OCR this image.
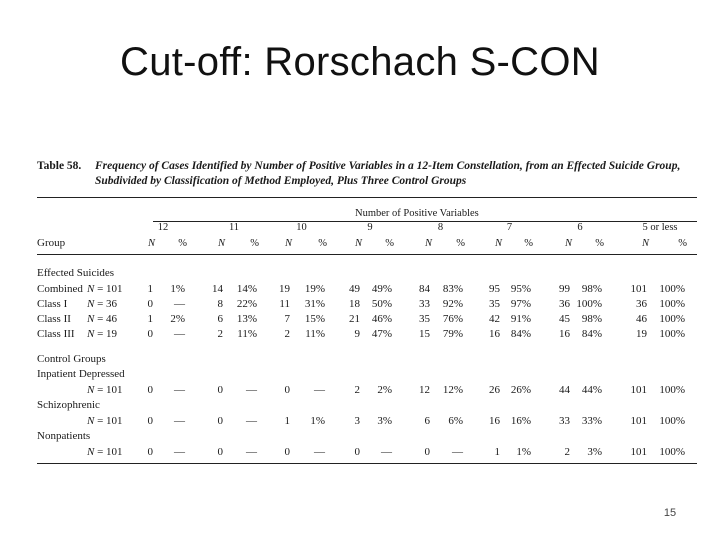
Cut-off: Rorschach S-CON
Table 58. Frequency of Cases Identified by Number of Positive Variables in a 12-Item Constellation, from an Effected Suicide Group, Subdivided by Classification of Method Employed, Plus Three Control Groups
Number of Positive Variables
Group
12
N	%
11
N	%
10
N	%
9
N	%
8
N	%
7
N	%
6
N	%
5 or less
N	%
Effected Suicides
Combined N = 101	1	1%	14	14%	19	19%	49	49%	84	83%	95 95%	99	98%	101	100%
Class I N = 36	0	—	8	22%	11	31%	18	50%	33	92%	35 97%	36 100%	36	100%
Class II N = 46	1	2%	6	13%	7	15%	21	46%	35	76%	42 91%	45	98%	46	100%
Class III N = 19	0	—	2	11%	2	11%	9	47%	15	79%	16 84%	16	84%	19	100%
Control Groups
Inpatient Depressed
N = 101	0	—	0	—	0	—	2	2%	12	12%	26 26%	44	44%	101	100%
Schizophrenic
N = 101	0	—	0	—	1	1%	3	3%	6	6%	16 16%	33	33%	101	100%
Nonpatients
N = 101	0	—	0	—	0	—	0	—	0	—	1	1%	2	3%	101	100%
15
